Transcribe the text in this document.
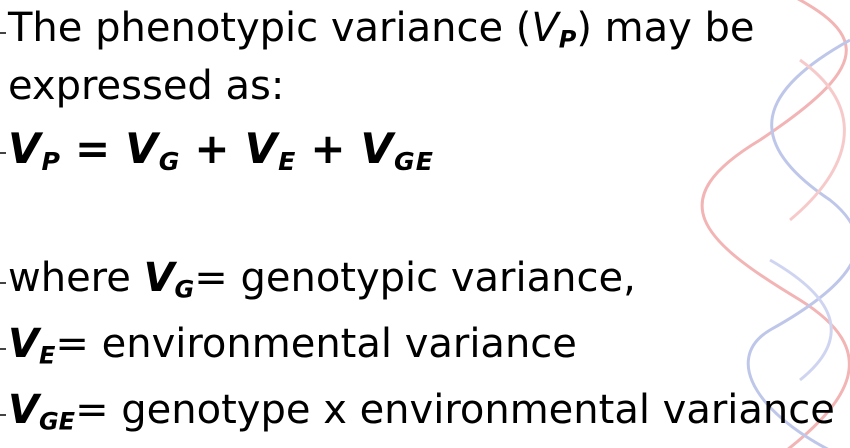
The phenotypic variance $(V_P)$ may be
expressed as:
$V_P = V_G + V_E + V_{GE}$
where $V_G=$ genotypic variance,
$V_E=$ environmental variance
$V_{GE}=$ genotype x environmental variance
